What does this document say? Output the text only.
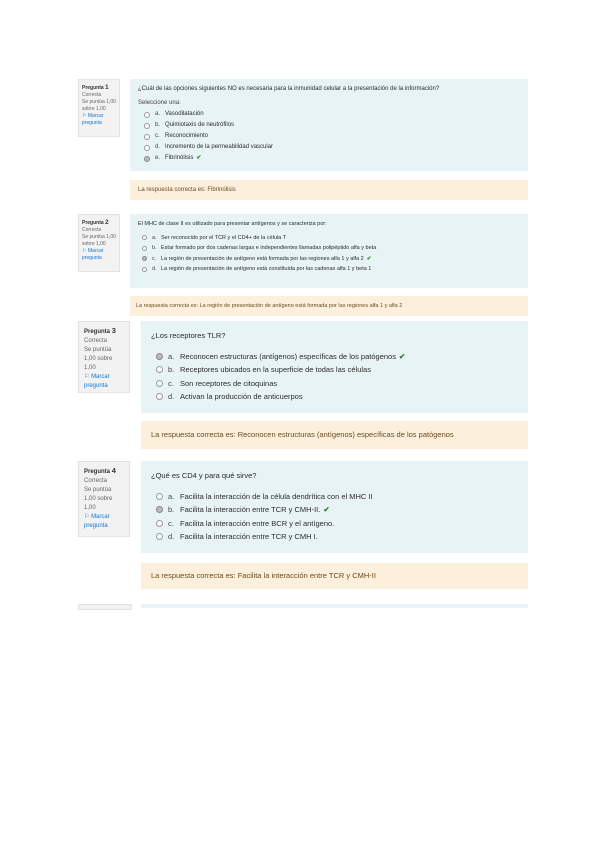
Pregunta 1
Correcta
Se puntúa 1,00 sobre 1,00
⚐ Marcar pregunta
¿Cuál de las opciones siguientes NO es necesaria para la inmunidad celular a la presentación de la información?
Seleccione una:
a. Vasodilatación
b. Quimiotaxis de neutrófilos
c. Reconocimiento
d. Incremento de la permeabilidad vascular
e. Fibrinólisis ✔
La respuesta correcta es: Fibrinólisis
Pregunta 2
Correcta
Se puntúa 1,00 sobre 1,00
⚐ Marcar pregunta
El MHC de clase II es utilizado para presentar antígenos y se caracteriza por:
a. Ser reconocido por el TCR y el CD4+ de la célula T
b. Estar formado por dos cadenas largas e independientes llamadas polipéptido alfa y beta
c. La región de presentación de antígeno está formada por las regiones alfa 1 y alfa 2 ✔
d. La región de presentación de antígeno está constituida por las cadenas alfa 1 y beta 1
La respuesta correcta es: La región de presentación de antígeno está formada por las regiones alfa 1 y alfa 2
Pregunta 3
Correcta
Se puntúa 1,00 sobre 1,00
⚐ Marcar pregunta
¿Los receptores TLR?
a. Reconocen estructuras (antígenos) específicas de los patógenos ✔
b. Receptores ubicados en la superficie de todas las células
c. Son receptores de citoquinas
d. Activan la producción de anticuerpos
La respuesta correcta es: Reconocen estructuras (antígenos) específicas de los patógenos
Pregunta 4
Correcta
Se puntúa 1,00 sobre 1,00
⚐ Marcar pregunta
¿Qué es CD4 y para qué sirve?
a. Facilita la interacción de la célula dendrítica con el MHC II
b. Facilita la interacción entre TCR y CMH-II. ✔
c. Facilita la interacción entre BCR y el antígeno.
d. Facilita la interacción entre TCR y CMH I.
La respuesta correcta es: Facilita la interacción entre TCR y CMH-II
